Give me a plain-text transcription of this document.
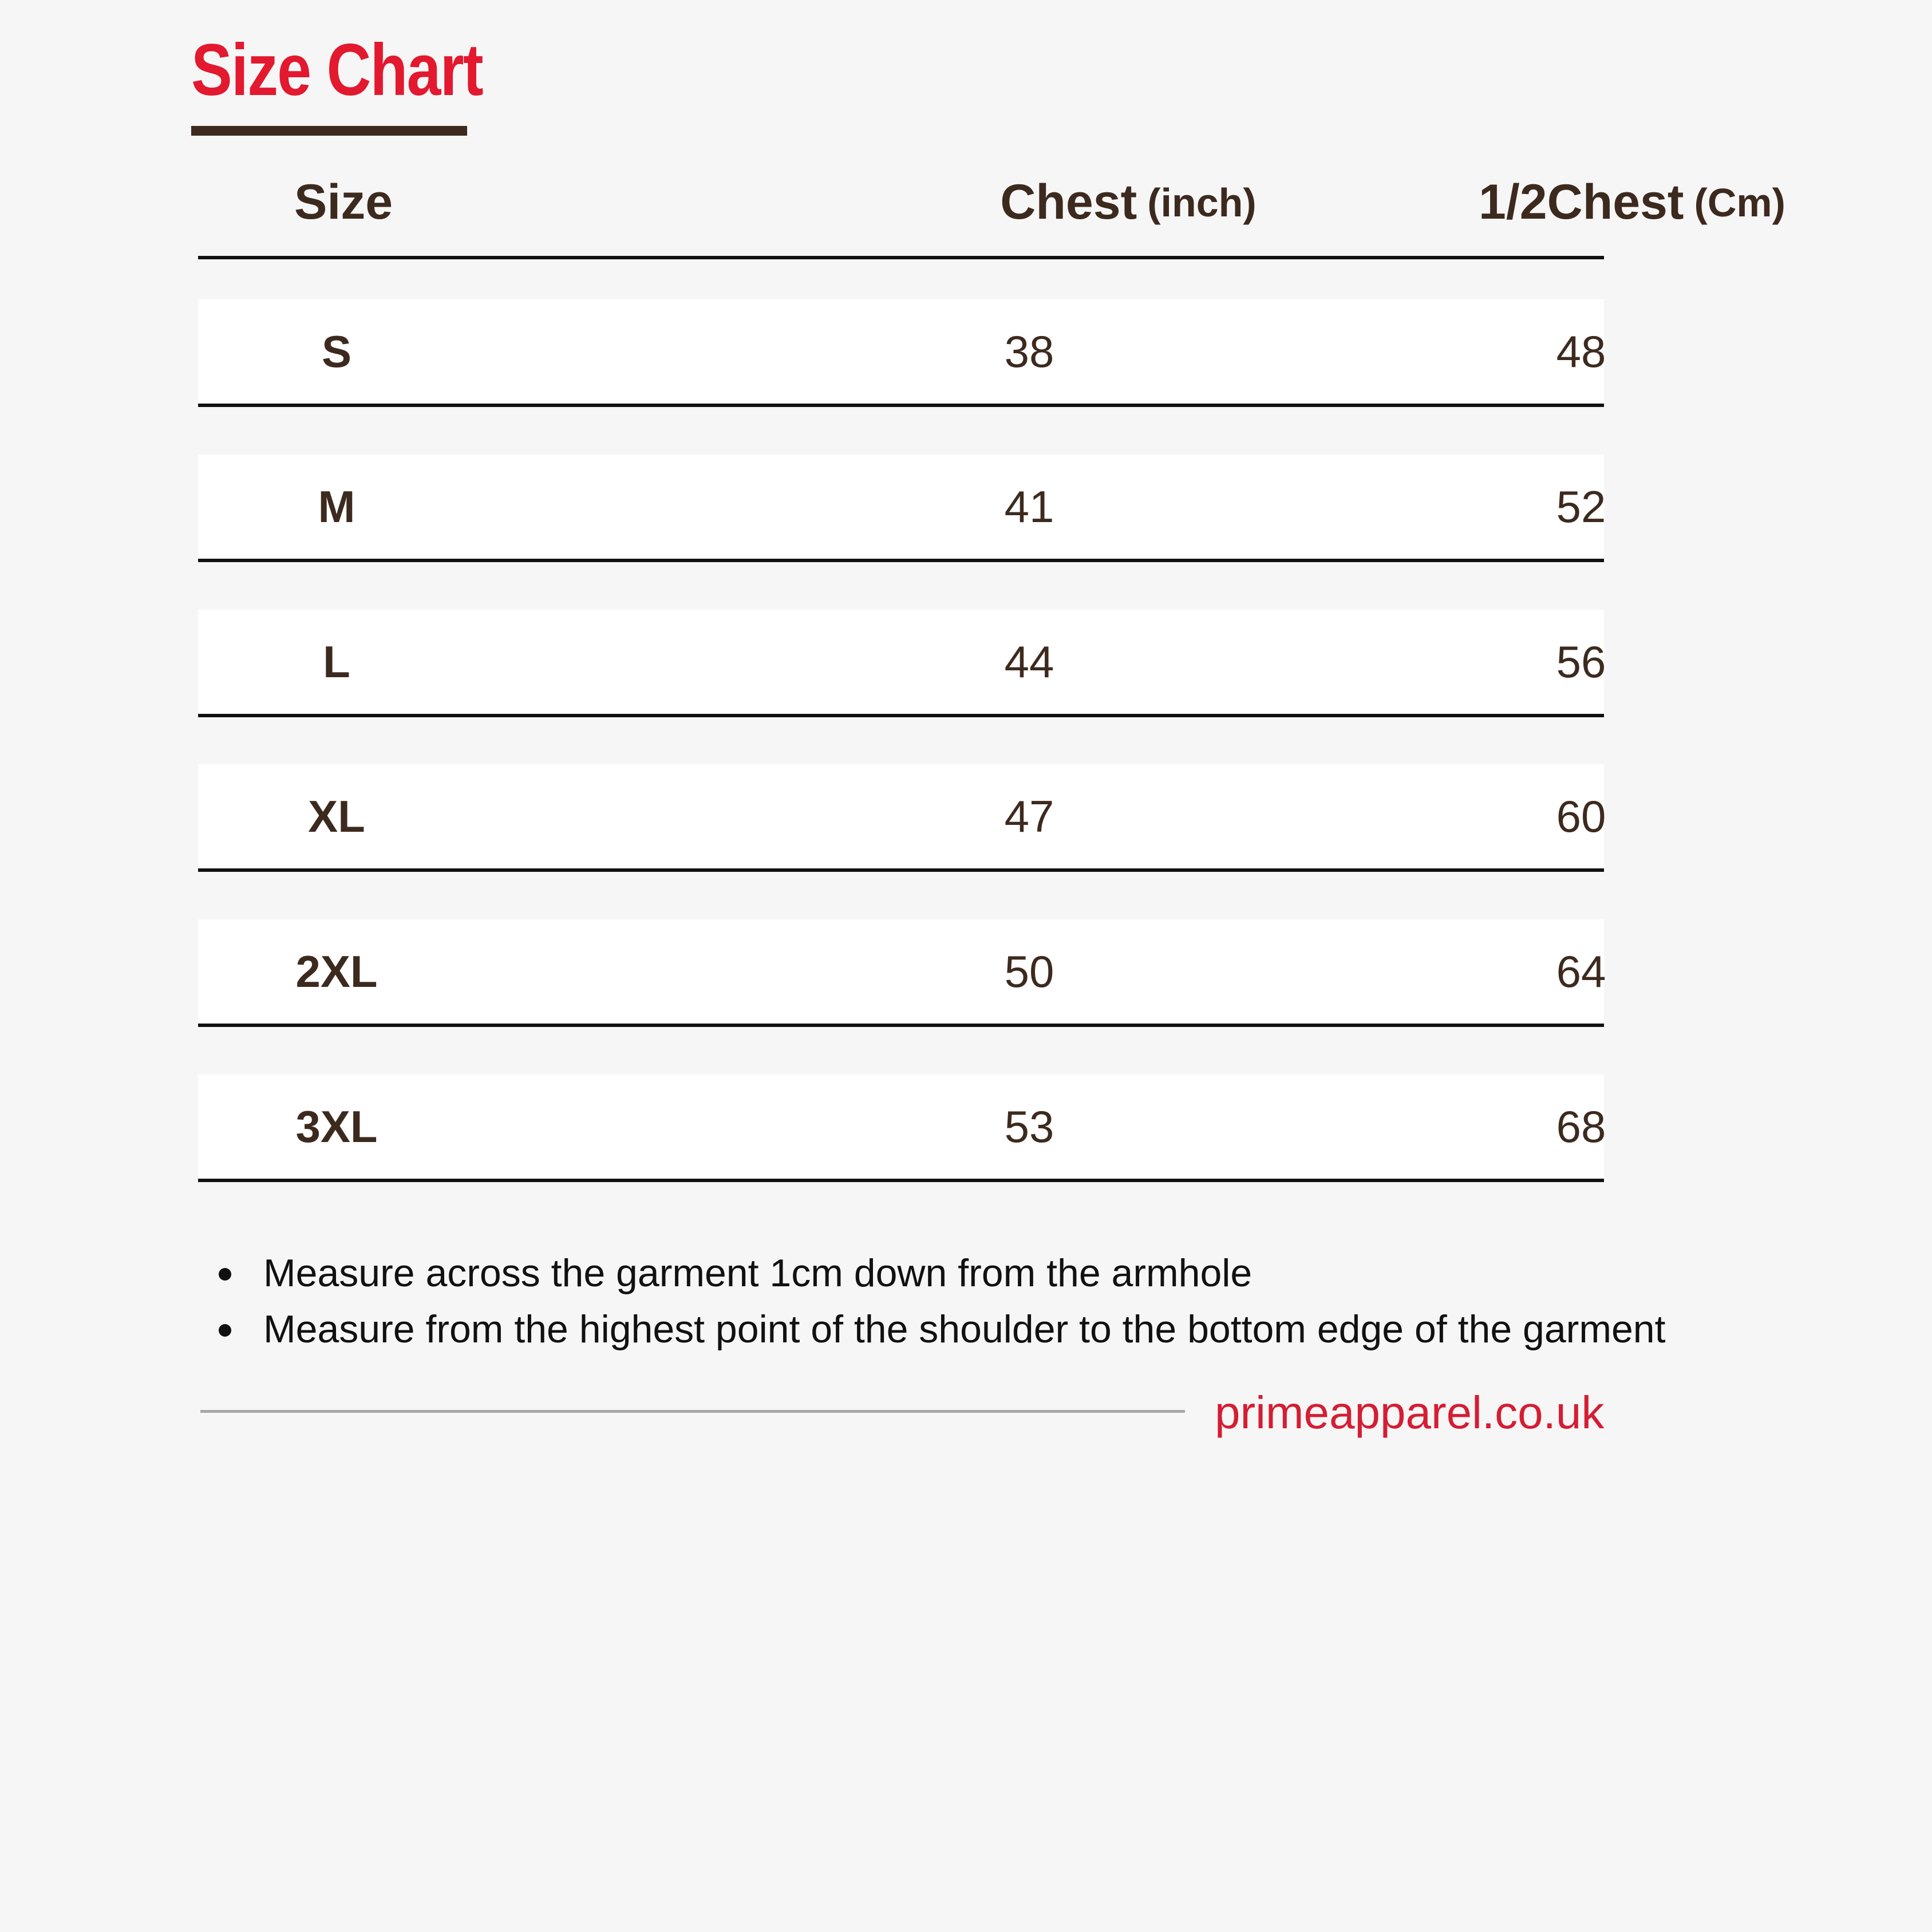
Size Chart
Size	Chest (inch)	1/2Chest (Cm)
S	38	48
M	41	52
L	44	56
XL	47	60
2XL	50	64
3XL	53	68
Measure across the garment 1cm down from the armhole
Measure from the highest point of the shoulder to the bottom edge of the garment
primeapparel.co.uk
